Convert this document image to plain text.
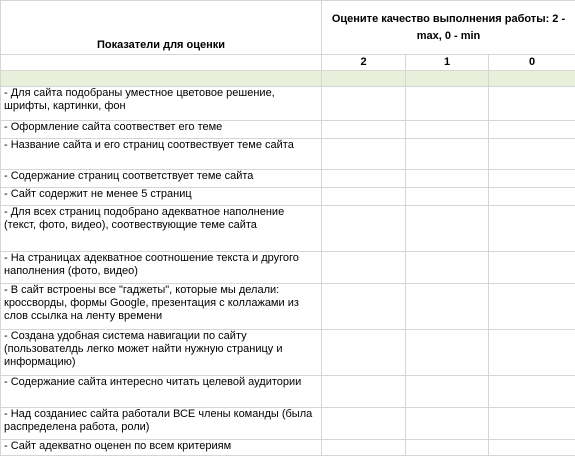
Показатели для оценки	Оцените качество выполнения работы: 2 - max, 0 - min		
	2	1	0

- Для сайта подобраны уместное цветовое решение, шрифты, картинки, фон			
- Оформление сайта соотвествет его теме			
- Название сайта и его страниц соотвествует теме сайта			
- Содержание страниц соответствует теме сайта			
- Сайт содержит не менее 5 страниц			
- Для всех страниц подобрано адекватное наполнение (текст, фото, видео), соотвествующие теме сайта			
- На страницах адекватное соотношение текста и другого наполнения (фото, видео)			
- В сайт встроены все "гаджеты", которые мы делали: кроссворды, формы Google, презентация с коллажами из слов ссылка на ленту времени			
- Создана удобная система навигации по сайту (пользователдь легко может найти нужную страницу и информацию)			
- Содержание сайта интересно читать целевой аудитории			
- Над созданиес сайта работали ВСЕ члены команды (была распределена работа, роли)			
- Сайт адекватно оценен по всем критериям			
